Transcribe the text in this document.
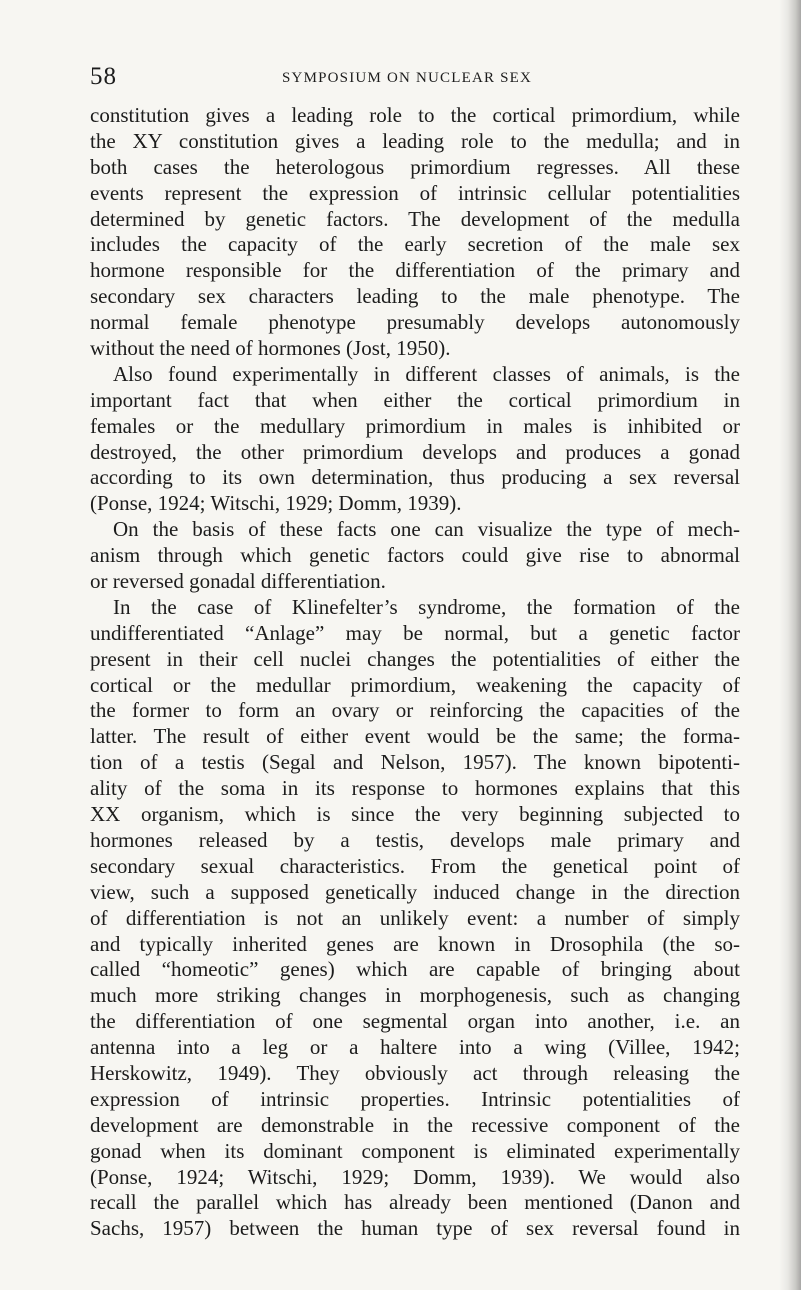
58	SYMPOSIUM ON NUCLEAR SEX
constitution gives a leading role to the cortical primordium, while
the XY constitution gives a leading role to the medulla; and in
both cases the heterologous primordium regresses. All these
events represent the expression of intrinsic cellular potentialities
determined by genetic factors. The development of the medulla
includes the capacity of the early secretion of the male sex
hormone responsible for the differentiation of the primary and
secondary sex characters leading to the male phenotype. The
normal female phenotype presumably develops autonomously
without the need of hormones (Jost, 1950).
Also found experimentally in different classes of animals, is the
important fact that when either the cortical primordium in
females or the medullary primordium in males is inhibited or
destroyed, the other primordium develops and produces a gonad
according to its own determination, thus producing a sex reversal
(Ponse, 1924; Witschi, 1929; Domm, 1939).
On the basis of these facts one can visualize the type of mech-
anism through which genetic factors could give rise to abnormal
or reversed gonadal differentiation.
In the case of Klinefelter’s syndrome, the formation of the
undifferentiated “Anlage” may be normal, but a genetic factor
present in their cell nuclei changes the potentialities of either the
cortical or the medullar primordium, weakening the capacity of
the former to form an ovary or reinforcing the capacities of the
latter. The result of either event would be the same; the forma-
tion of a testis (Segal and Nelson, 1957). The known bipotenti-
ality of the soma in its response to hormones explains that this
XX organism, which is since the very beginning subjected to
hormones released by a testis, develops male primary and
secondary sexual characteristics. From the genetical point of
view, such a supposed genetically induced change in the direction
of differentiation is not an unlikely event: a number of simply
and typically inherited genes are known in Drosophila (the so-
called “homeotic” genes) which are capable of bringing about
much more striking changes in morphogenesis, such as changing
the differentiation of one segmental organ into another, i.e. an
antenna into a leg or a haltere into a wing (Villee, 1942;
Herskowitz, 1949). They obviously act through releasing the
expression of intrinsic properties. Intrinsic potentialities of
development are demonstrable in the recessive component of the
gonad when its dominant component is eliminated experimentally
(Ponse, 1924; Witschi, 1929; Domm, 1939). We would also
recall the parallel which has already been mentioned (Danon and
Sachs, 1957) between the human type of sex reversal found in
